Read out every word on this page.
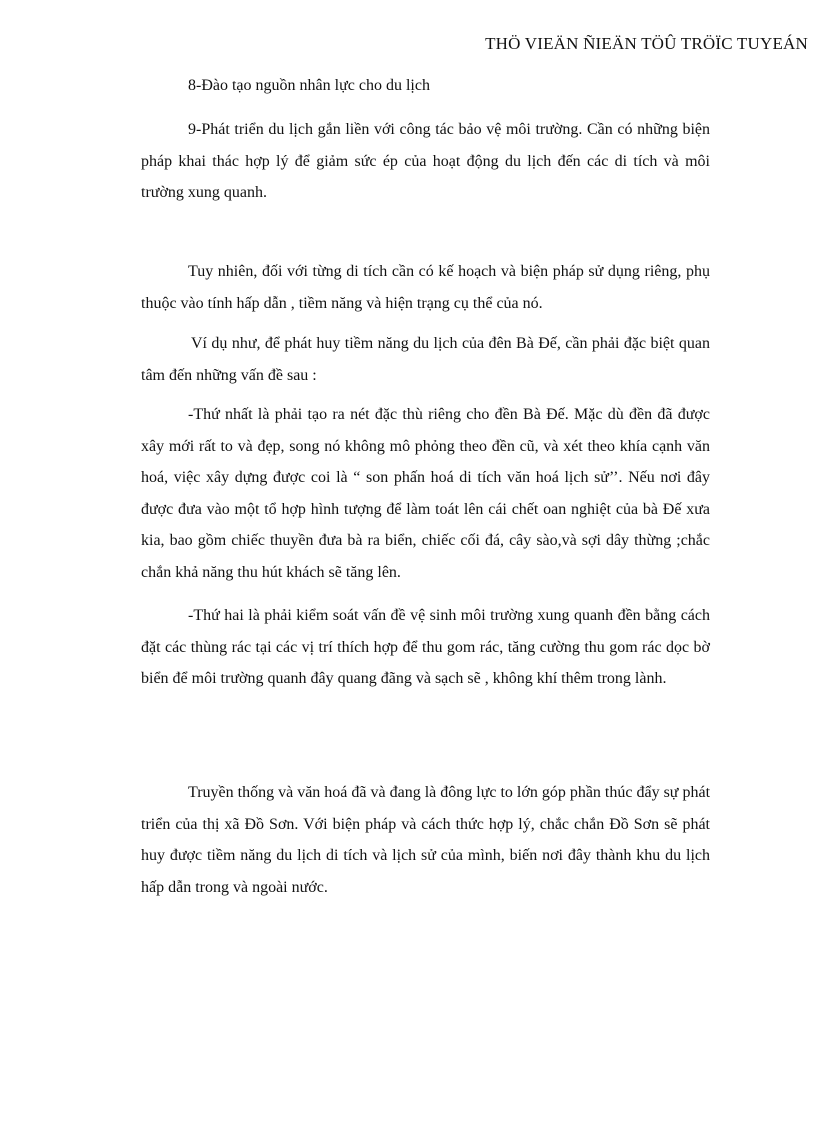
THÖ VIEÄN ÑIEÄN TÖÛ TRÖÏC TUYEÁN

8-Đào tạo nguồn nhân lực cho du lịch

9-Phát triển du lịch gắn liền với công tác bảo vệ môi trường. Cần có những biện pháp khai thác hợp lý để giảm sức ép của hoạt động du lịch đến các di tích và môi trường xung quanh.

Tuy nhiên, đối với từng di tích cần có kế hoạch và biện pháp sử dụng riêng, phụ thuộc vào tính hấp dẫn , tiềm năng và hiện trạng cụ thể của nó.

Ví dụ như, để phát huy tiềm năng du lịch của đên Bà Đế, cần phải đặc biệt quan tâm đến những vấn đề sau :

-Thứ nhất là phải tạo ra nét đặc thù riêng cho đền Bà Đế. Mặc dù đền đã được xây mới rất to và đẹp, song nó không mô phỏng theo đền cũ, và xét theo khía cạnh văn hoá, việc xây dựng được coi là “ son phấn hoá di tích văn hoá lịch sử’’. Nếu nơi đây được đưa vào một tổ hợp hình tượng để làm toát lên cái chết oan nghiệt của bà Đế xưa kia, bao gồm chiếc thuyền đưa bà ra biển, chiếc cối đá, cây sào,và sợi dây thừng ;chắc chắn khả năng thu hút khách sẽ tăng lên.

-Thứ hai là phải kiểm soát vấn đề vệ sinh môi trường xung quanh đền bằng cách đặt các thùng rác tại các vị trí thích hợp để thu gom rác, tăng cường thu gom rác dọc bờ biển để môi trường quanh đây quang đãng và sạch sẽ , không khí thêm trong lành.

Truyền thống và văn hoá đã và đang là đông lực to lớn góp phần thúc đẩy sự phát triển của thị xã Đồ Sơn. Với biện pháp và cách thức hợp lý, chắc chắn Đồ Sơn sẽ phát huy được tiềm năng du lịch di tích và lịch sử của mình, biến nơi đây thành khu du lịch hấp dẫn trong và ngoài nước.
